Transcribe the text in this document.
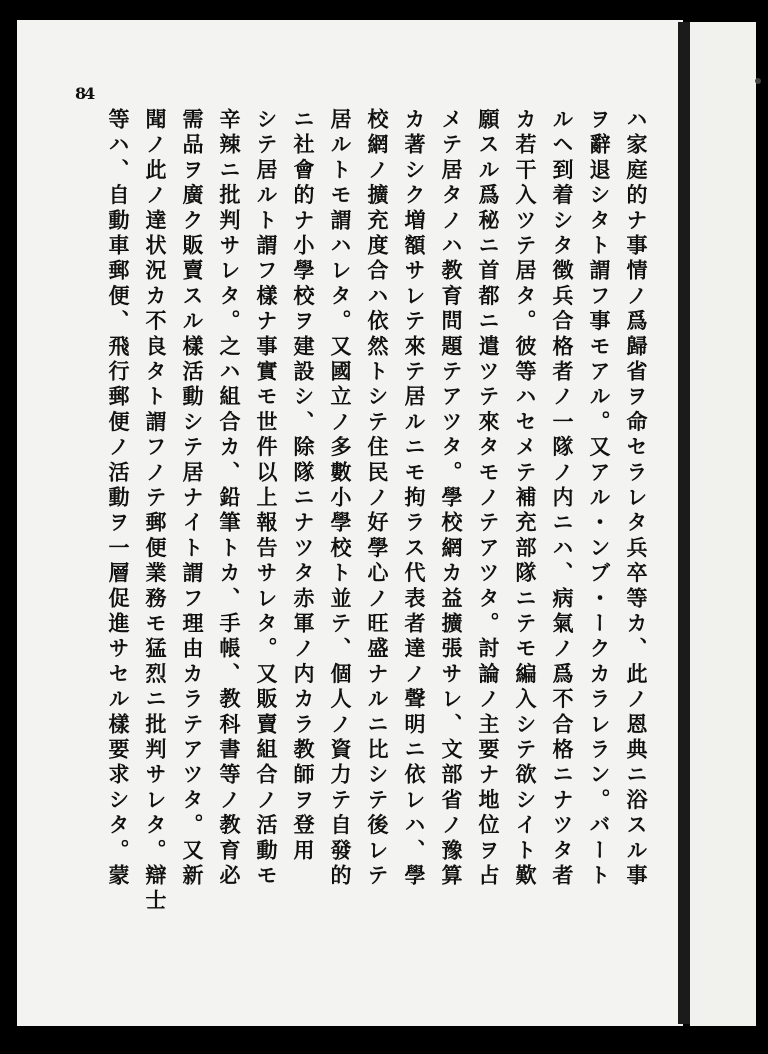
84
ハ家庭的ナ事情ノ爲歸省ヲ命セラレタ兵卒等カ、此ノ恩典ニ浴スル事
ヲ辭退シタト謂フ事モアル。又アル・ンブ・ークカラレラン。バート
ルヘ到着シタ徴兵合格者ノ一隊ノ内ニハ、病氣ノ爲不合格ニナツタ者
カ若干入ツテ居タ。彼等ハセメテ補充部隊ニテモ編入シテ欲シイト歎
願スル爲秘ニ首都ニ遣ツテ來タモノテアツタ。討論ノ主要ナ地位ヲ占
メテ居タノハ教育問題テアツタ。學校網カ益擴張サレ、文部省ノ豫算
カ著シク増額サレテ來テ居ルニモ拘ラス代表者達ノ聲明ニ依レハ、學
校網ノ擴充度合ハ依然トシテ住民ノ好學心ノ旺盛ナルニ比シテ後レテ
居ルトモ謂ハレタ。又國立ノ多數小學校ト並テ、個人ノ資力テ自發的
ニ社會的ナ小學校ヲ建設シ、除隊ニナツタ赤軍ノ内カラ教師ヲ登用
シテ居ルト謂フ樣ナ事實モ世件以上報告サレタ。又販賣組合ノ活動モ
辛辣ニ批判サレタ。之ハ組合カ、鉛筆トカ、手帳、教科書等ノ教育必
需品ヲ廣ク販賣スル樣活動シテ居ナイト謂フ理由カラテアツタ。又新
聞ノ此ノ達状況カ不良タト謂フノテ郵便業務モ猛烈ニ批判サレタ。辯士
等ハ、自動車郵便、飛行郵便ノ活動ヲ一層促進サセル樣要求シタ。蒙
